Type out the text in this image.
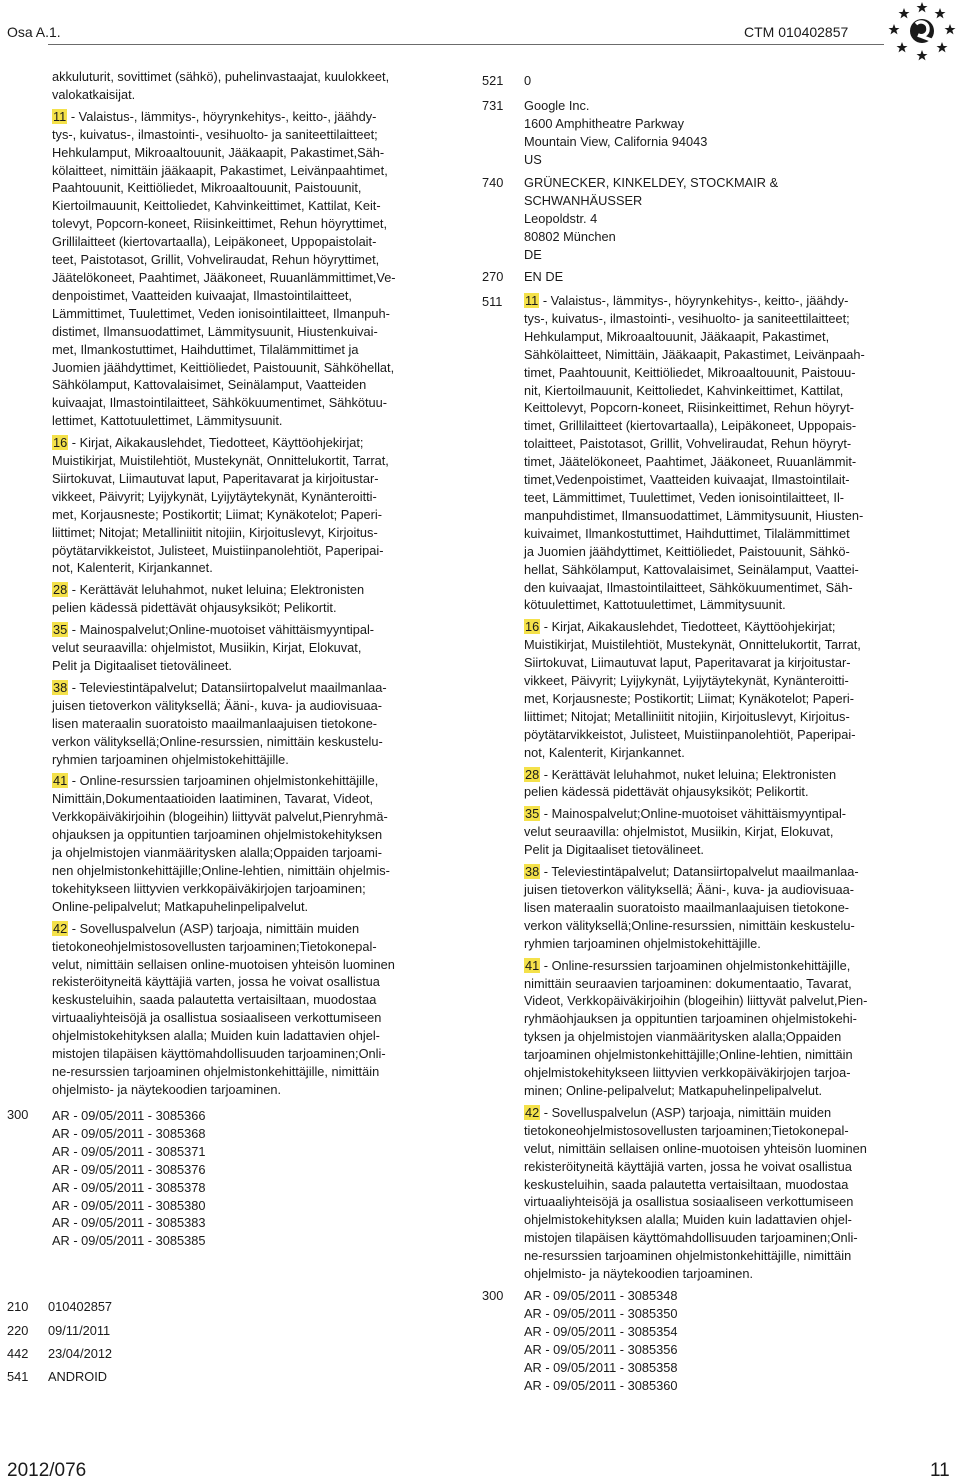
Osa A.1.	CTM 010402857
akkuluturit, sovittimet (sähkö), puhelinvastaajat, kuulokkeet,
valokatkaisijat.
11 - Valaistus-, lämmitys-, höyrynkehitys-, keitto-, jäähdy-
tys-, kuivatus-, ilmastointi-, vesihuolto- ja saniteettilaitteet;
Hehkulamput, Mikroaaltouunit, Jääkaapit, Pakastimet,Säh-
kölaitteet, nimittäin jääkaapit, Pakastimet, Leivänpaahtimet,
Paahtouunit, Keittiöliedet, Mikroaaltouunit, Paistouunit,
Kiertoilmauunit, Keittoliedet, Kahvinkeittimet, Kattilat, Keit-
tolevyt, Popcorn-koneet, Riisinkeittimet, Rehun höyryttimet,
Grillilaitteet (kiertovartaalla), Leipäkoneet, Uppopaistolait-
teet, Paistotasot, Grillit, Vohveliraudat, Rehun höyryttimet,
Jäätelökoneet, Paahtimet, Jääkoneet, Ruuanlämmittimet,Ve-
denpoistimet, Vaatteiden kuivaajat, Ilmastointilaitteet,
Lämmittimet, Tuulettimet, Veden ionisointilaitteet, Ilmanpuh-
distimet, Ilmansuodattimet, Lämmitysuunit, Hiustenkuivai-
met, Ilmankostuttimet, Haihduttimet, Tilalämmittimet ja
Juomien jäähdyttimet, Keittiöliedet, Paistouunit, Sähköhellat,
Sähkölamput, Kattovalaisimet, Seinälamput, Vaatteiden
kuivaajat, Ilmastointilaitteet, Sähkökuumentimet, Sähkötuu-
lettimet, Kattotuulettimet, Lämmitysuunit.
16 - Kirjat, Aikakauslehdet, Tiedotteet, Käyttöohjekirjat;
Muistikirjat, Muistilehtiöt, Mustekynät, Onnittelukortit, Tarrat,
Siirtokuvat, Liimautuvat laput, Paperitavarat ja kirjoitustar-
vikkeet, Päivyrit; Lyijykynät, Lyijytäytekynät, Kynänteroitti-
met, Korjausneste; Postikortit; Liimat; Kynäkotelot; Paperi-
liittimet; Nitojat; Metalliniitit nitojiin, Kirjoituslevyt, Kirjoitus-
pöytätarvikkeistot, Julisteet, Muistiinpanolehtiöt, Paperipai-
not, Kalenterit, Kirjankannet.
28 - Kerättävät leluhahmot, nuket leluina; Elektronisten
pelien kädessä pidettävät ohjausyksiköt; Pelikortit.
35 - Mainospalvelut;Online-muotoiset vähittäismyyntipal-
velut seuraavilla: ohjelmistot, Musiikin, Kirjat, Elokuvat,
Pelit ja Digitaaliset tietovälineet.
38 - Televiestintäpalvelut; Datansiirtopalvelut maailmanlaa-
juisen tietoverkon välityksellä; Ääni-, kuva- ja audiovisuaa-
lisen materaalin suoratoisto maailmanlaajuisen tietokone-
verkon välityksellä;Online-resurssien, nimittäin keskustelu-
ryhmien tarjoaminen ohjelmistokehittäjille.
41 - Online-resurssien tarjoaminen ohjelmistonkehittäjille,
Nimittäin,Dokumentaatioiden laatiminen, Tavarat, Videot,
Verkkopäiväkirjoihin (blogeihin) liittyvät palvelut,Pienryhmä-
ohjauksen ja oppituntien tarjoaminen ohjelmistokehityksen
ja ohjelmistojen vianmääritysken alalla;Oppaiden tarjoami-
nen ohjelmistonkehittäjille;Online-lehtien, nimittäin ohjelmis-
tokehitykseen liittyvien verkkopäiväkirjojen tarjoaminen;
Online-pelipalvelut; Matkapuhelinpelipalvelut.
42 - Sovelluspalvelun (ASP) tarjoaja, nimittäin muiden
tietokoneohjelmistosovellusten tarjoaminen;Tietokonepal-
velut, nimittäin sellaisen online-muotoisen yhteisön luominen
rekisteröityneitä käyttäjiä varten, jossa he voivat osallistua
keskusteluihin, saada palautetta vertaisiltaan, muodostaa
virtuaaliyhteisöjä ja osallistua sosiaaliseen verkottumiseen
ohjelmistokehityksen alalla; Muiden kuin ladattavien ohjel-
mistojen tilapäisen käyttömahdollisuuden tarjoaminen;Onli-
ne-resurssien tarjoaminen ohjelmistonkehittäjille, nimittäin
ohjelmisto- ja näytekoodien tarjoaminen.
300 AR - 09/05/2011 - 3085366
AR - 09/05/2011 - 3085368
AR - 09/05/2011 - 3085371
AR - 09/05/2011 - 3085376
AR - 09/05/2011 - 3085378
AR - 09/05/2011 - 3085380
AR - 09/05/2011 - 3085383
AR - 09/05/2011 - 3085385
210 010402857
220 09/11/2011
442 23/04/2012
541 ANDROID
521 0
731 Google Inc.
1600 Amphitheatre Parkway
Mountain View, California 94043
US
740 GRÜNECKER, KINKELDEY, STOCKMAIR &
SCHWANHÄUSSER
Leopoldstr. 4
80802 München
DE
270 EN DE
511 11 - Valaistus-, lämmitys-, höyrynkehitys-, keitto-, jäähdy-
tys-, kuivatus-, ilmastointi-, vesihuolto- ja saniteettilaitteet;
Hehkulamput, Mikroaaltouunit, Jääkaapit, Pakastimet,
Sähkölaitteet, Nimittäin, Jääkaapit, Pakastimet, Leivänpaah-
timet, Paahtouunit, Keittiöliedet, Mikroaaltouunit, Paistouu-
nit, Kiertoilmauunit, Keittoliedet, Kahvinkeittimet, Kattilat,
Keittolevyt, Popcorn-koneet, Riisinkeittimet, Rehun höyryt-
timet, Grillilaitteet (kiertovartaalla), Leipäkoneet, Uppopais-
tolaitteet, Paistotasot, Grillit, Vohveliraudat, Rehun höyryt-
timet, Jäätelökoneet, Paahtimet, Jääkoneet, Ruuanlämmit-
timet,Vedenpoistimet, Vaatteiden kuivaajat, Ilmastointilait-
teet, Lämmittimet, Tuulettimet, Veden ionisointilaitteet, Il-
manpuhdistimet, Ilmansuodattimet, Lämmitysuunit, Hiusten-
kuivaimet, Ilmankostuttimet, Haihduttimet, Tilalämmittimet
ja Juomien jäähdyttimet, Keittiöliedet, Paistouunit, Sähkö-
hellat, Sähkölamput, Kattovalaisimet, Seinälamput, Vaattei-
den kuivaajat, Ilmastointilaitteet, Sähkökuumentimet, Säh-
kötuulettimet, Kattotuulettimet, Lämmitysuunit.
16 - Kirjat, Aikakauslehdet, Tiedotteet, Käyttöohjekirjat;
Muistikirjat, Muistilehtiöt, Mustekynät, Onnittelukortit, Tarrat,
Siirtokuvat, Liimautuvat laput, Paperitavarat ja kirjoitustar-
vikkeet, Päivyrit; Lyijykynät, Lyijytäytekynät, Kynänteroitti-
met, Korjausneste; Postikortit; Liimat; Kynäkotelot; Paperi-
liittimet; Nitojat; Metalliniitit nitojiin, Kirjoituslevyt, Kirjoitus-
pöytätarvikkeistot, Julisteet, Muistiinpanolehtiöt, Paperipai-
not, Kalenterit, Kirjankannet.
28 - Kerättävät leluhahmot, nuket leluina; Elektronisten
pelien kädessä pidettävät ohjausyksiköt; Pelikortit.
35 - Mainospalvelut;Online-muotoiset vähittäismyyntipal-
velut seuraavilla: ohjelmistot, Musiikin, Kirjat, Elokuvat,
Pelit ja Digitaaliset tietovälineet.
38 - Televiestintäpalvelut; Datansiirtopalvelut maailmanlaa-
juisen tietoverkon välityksellä; Ääni-, kuva- ja audiovisuaa-
lisen materaalin suoratoisto maailmanlaajuisen tietokone-
verkon välityksellä;Online-resurssien, nimittäin keskustelu-
ryhmien tarjoaminen ohjelmistokehittäjille.
41 - Online-resurssien tarjoaminen ohjelmistonkehittäjille,
nimittäin seuraavien tarjoaminen: dokumentaatio, Tavarat,
Videot, Verkkopäiväkirjoihin (blogeihin) liittyvät palvelut,Pien-
ryhmäohjauksen ja oppituntien tarjoaminen ohjelmistokehi-
tyksen ja ohjelmistojen vianmääritysken alalla;Oppaiden
tarjoaminen ohjelmistonkehittäjille;Online-lehtien, nimittäin
ohjelmistokehitykseen liittyvien verkkopäiväkirjojen tarjoa-
minen; Online-pelipalvelut; Matkapuhelinpelipalvelut.
42 - Sovelluspalvelun (ASP) tarjoaja, nimittäin muiden
tietokoneohjelmistosovellusten tarjoaminen;Tietokonepal-
velut, nimittäin sellaisen online-muotoisen yhteisön luominen
rekisteröityneitä käyttäjiä varten, jossa he voivat osallistua
keskusteluihin, saada palautetta vertaisiltaan, muodostaa
virtuaaliyhteisöjä ja osallistua sosiaaliseen verkottumiseen
ohjelmistokehityksen alalla; Muiden kuin ladattavien ohjel-
mistojen tilapäisen käyttömahdollisuuden tarjoaminen;Onli-
ne-resurssien tarjoaminen ohjelmistonkehittäjille, nimittäin
ohjelmisto- ja näytekoodien tarjoaminen.
300 AR - 09/05/2011 - 3085348
AR - 09/05/2011 - 3085350
AR - 09/05/2011 - 3085354
AR - 09/05/2011 - 3085356
AR - 09/05/2011 - 3085358
AR - 09/05/2011 - 3085360
2012/076	11
